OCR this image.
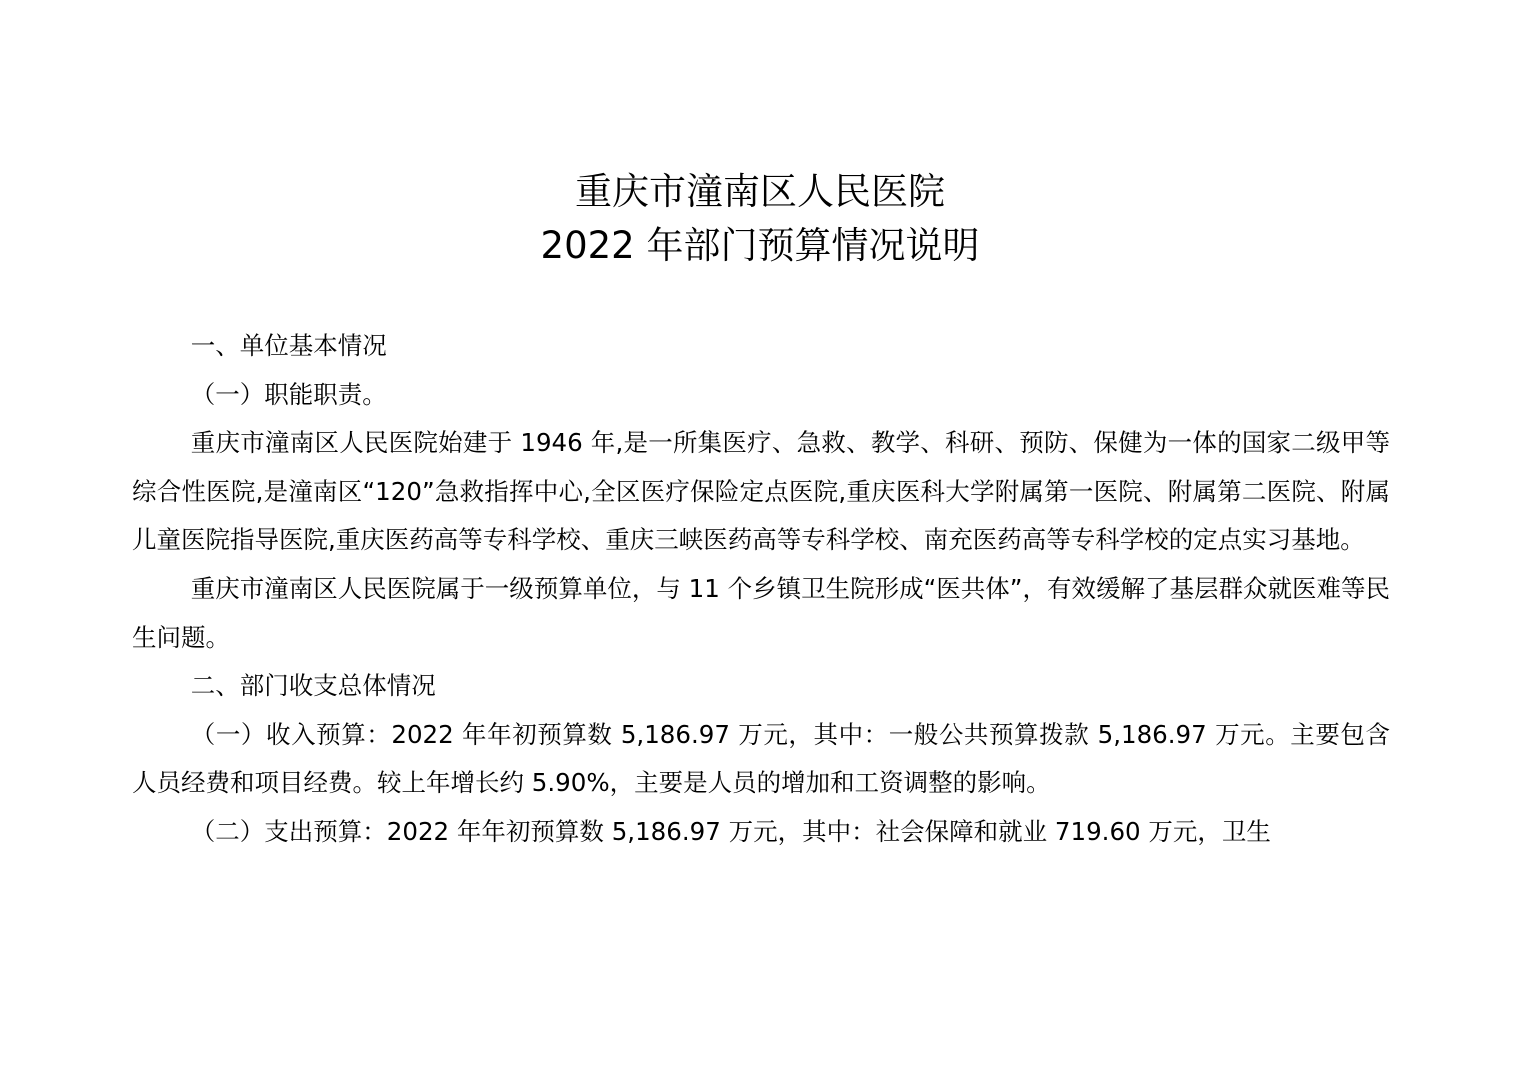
重庆市潼南区人民医院
2022 年部门预算情况说明

一、单位基本情况

（一）职能职责。

重庆市潼南区人民医院始建于 1946 年,是一所集医疗、急救、教学、科研、预防、保健为一体的国家二级甲等综合性医院,是潼南区“120”急救指挥中心,全区医疗保险定点医院,重庆医科大学附属第一医院、附属第二医院、附属儿童医院指导医院,重庆医药高等专科学校、重庆三峡医药高等专科学校、南充医药高等专科学校的定点实习基地。

重庆市潼南区人民医院属于一级预算单位，与 11 个乡镇卫生院形成“医共体”，有效缓解了基层群众就医难等民生问题。

二、部门收支总体情况

（一）收入预算：2022 年年初预算数 5,186.97 万元，其中：一般公共预算拨款 5,186.97 万元。主要包含人员经费和项目经费。较上年增长约 5.90%，主要是人员的增加和工资调整的影响。

（二）支出预算：2022 年年初预算数 5,186.97 万元，其中：社会保障和就业 719.60 万元，卫生
